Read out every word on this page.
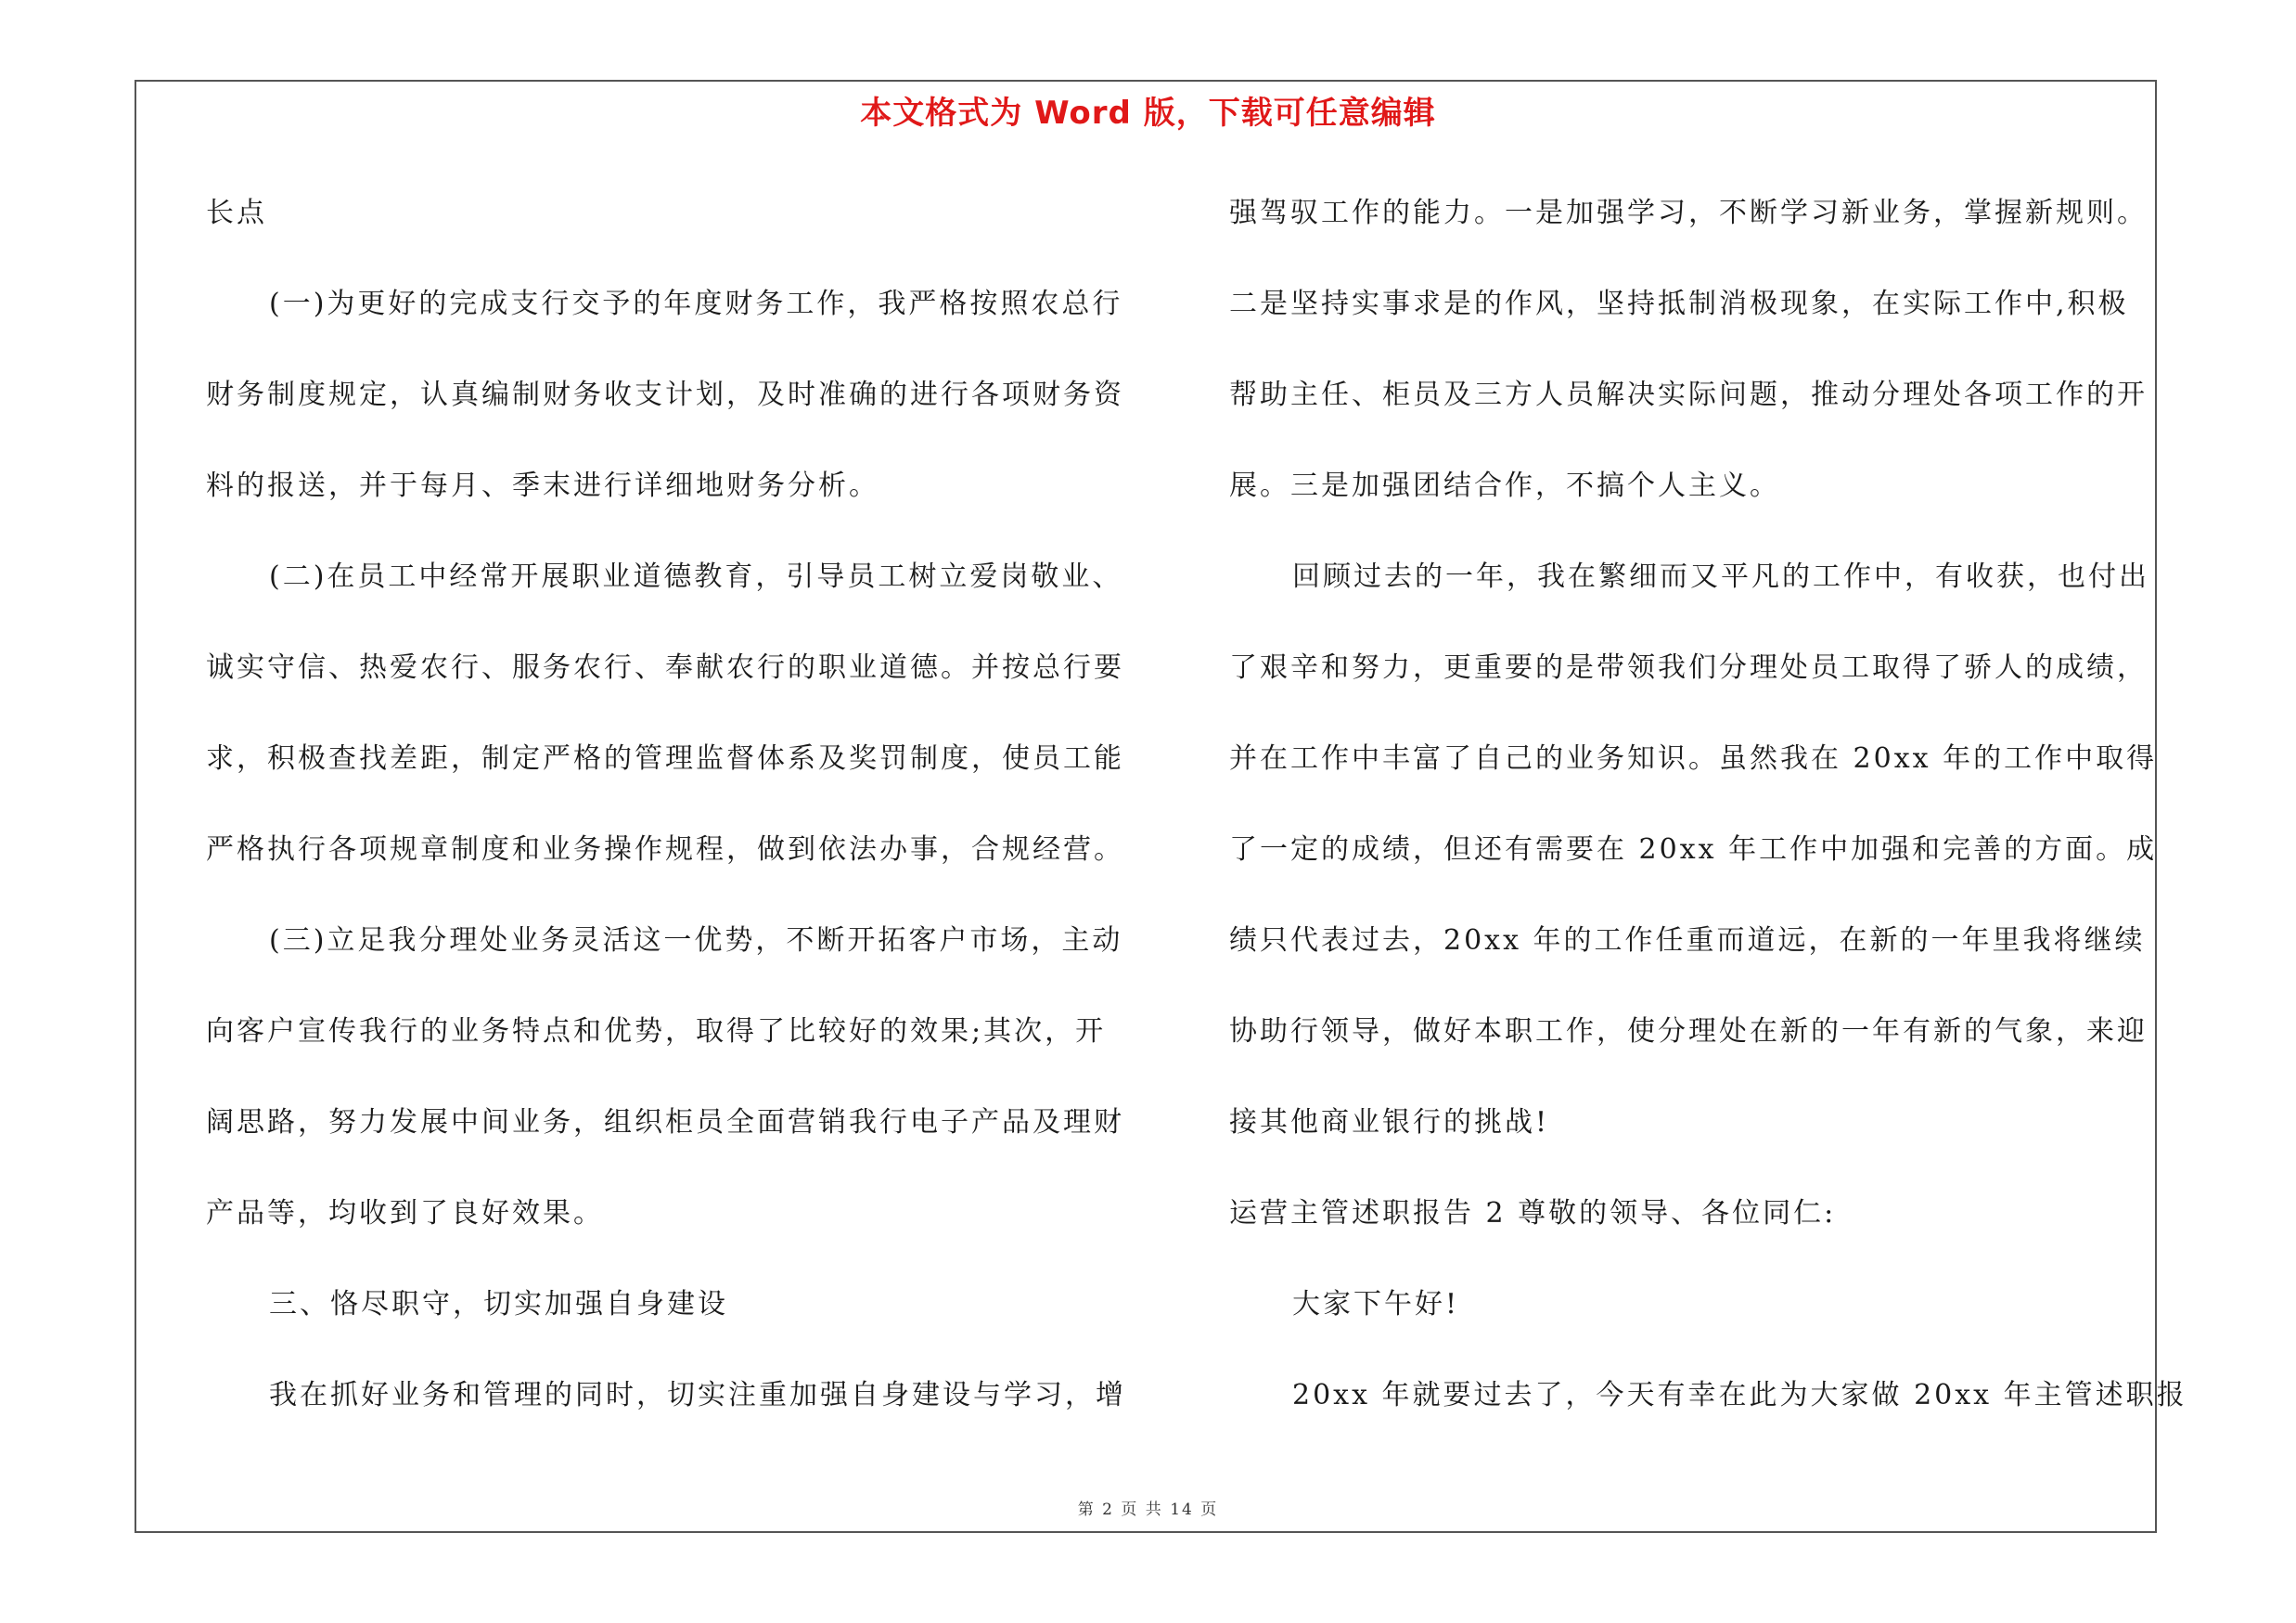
本文格式为 Word 版，下载可任意编辑
长点
(一)为更好的完成支行交予的年度财务工作，我严格按照农总行
财务制度规定，认真编制财务收支计划，及时准确的进行各项财务资
料的报送，并于每月、季末进行详细地财务分析。
(二)在员工中经常开展职业道德教育，引导员工树立爱岗敬业、
诚实守信、热爱农行、服务农行、奉献农行的职业道德。并按总行要
求，积极查找差距，制定严格的管理监督体系及奖罚制度，使员工能
严格执行各项规章制度和业务操作规程，做到依法办事，合规经营。
(三)立足我分理处业务灵活这一优势，不断开拓客户市场，主动
向客户宣传我行的业务特点和优势，取得了比较好的效果;其次，开
阔思路，努力发展中间业务，组织柜员全面营销我行电子产品及理财
产品等，均收到了良好效果。
三、恪尽职守，切实加强自身建设
我在抓好业务和管理的同时，切实注重加强自身建设与学习，增
强驾驭工作的能力。一是加强学习，不断学习新业务，掌握新规则。
二是坚持实事求是的作风，坚持抵制消极现象，在实际工作中,积极
帮助主任、柜员及三方人员解决实际问题，推动分理处各项工作的开
展。三是加强团结合作，不搞个人主义。
回顾过去的一年，我在繁细而又平凡的工作中，有收获，也付出
了艰辛和努力，更重要的是带领我们分理处员工取得了骄人的成绩，
并在工作中丰富了自己的业务知识。虽然我在 20xx 年的工作中取得
了一定的成绩，但还有需要在 20xx 年工作中加强和完善的方面。成
绩只代表过去，20xx 年的工作任重而道远，在新的一年里我将继续
协助行领导，做好本职工作，使分理处在新的一年有新的气象，来迎
接其他商业银行的挑战!
运营主管述职报告 2 尊敬的领导、各位同仁:
大家下午好!
20xx 年就要过去了，今天有幸在此为大家做 20xx 年主管述职报
第 2 页 共 14 页
